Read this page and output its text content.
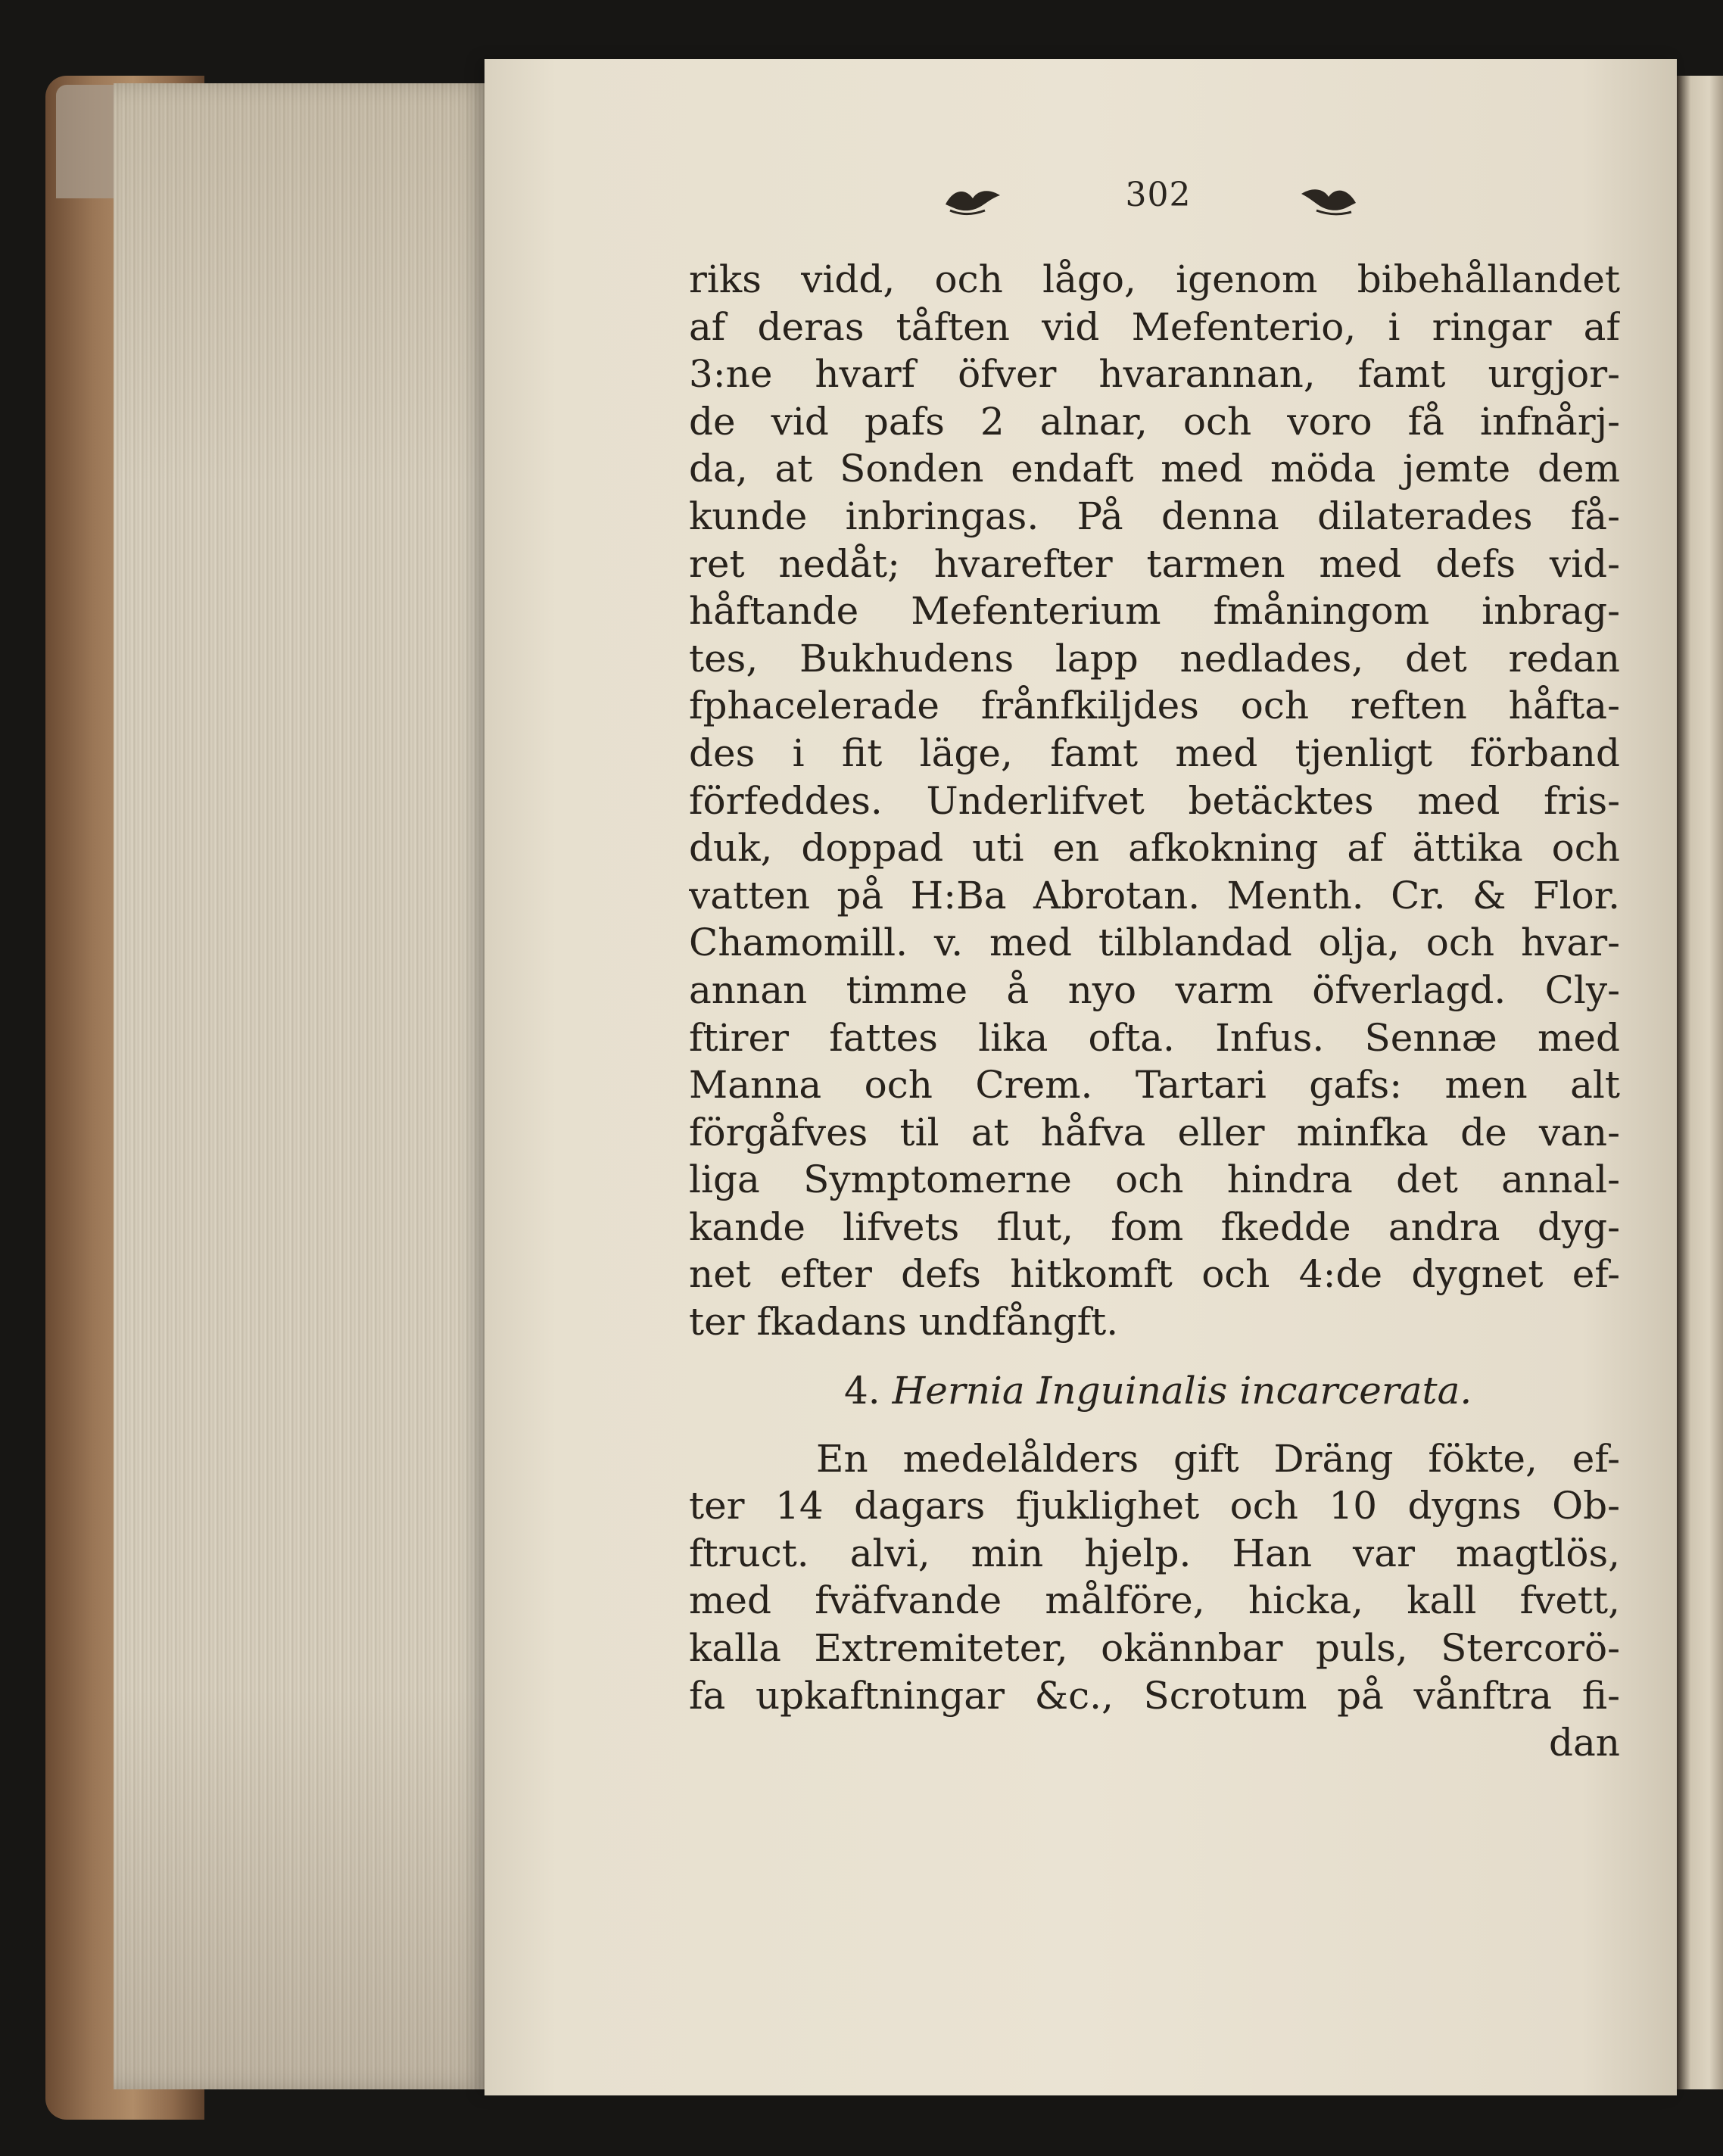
302
riks vidd, och lågo, igenom bibehållandet
af deras tåften vid Mefenterio, i ringar af
3:ne hvarf öfver hvarannan, famt urgjor-
de vid pafs 2 alnar, och voro få infnårj-
da, at Sonden endaft med möda jemte dem
kunde inbringas. På denna dilaterades få-
ret nedåt; hvarefter tarmen med defs vid-
håftande Mefenterium fmåningom inbrag-
tes, Bukhudens lapp nedlades, det redan
fphacelerade frånfkiljdes och reften håfta-
des i fit läge, famt med tjenligt förband
förfeddes. Underlifvet betäcktes med fris-
duk, doppad uti en afkokning af ättika och
vatten på H:Ba Abrotan. Menth. Cr. & Flor.
Chamomill. v. med tilblandad olja, och hvar-
annan timme å nyo varm öfverlagd. Cly-
ftirer fattes lika ofta. Infus. Sennæ med
Manna och Crem. Tartari gafs: men alt
förgåfves til at håfva eller minfka de van-
liga Symptomerne och hindra det annal-
kande lifvets flut, fom fkedde andra dyg-
net efter defs hitkomft och 4:de dygnet ef-
ter fkadans undfångft.
4. Hernia Inguinalis incarcerata.
En medelålders gift Dräng fökte, ef-
ter 14 dagars fjuklighet och 10 dygns Ob-
ftruct. alvi, min hjelp. Han var magtlös,
med fväfvande målföre, hicka, kall fvett,
kalla Extremiteter, okännbar puls, Stercorö-
fa upkaftningar &c., Scrotum på vånftra fi-
dan
